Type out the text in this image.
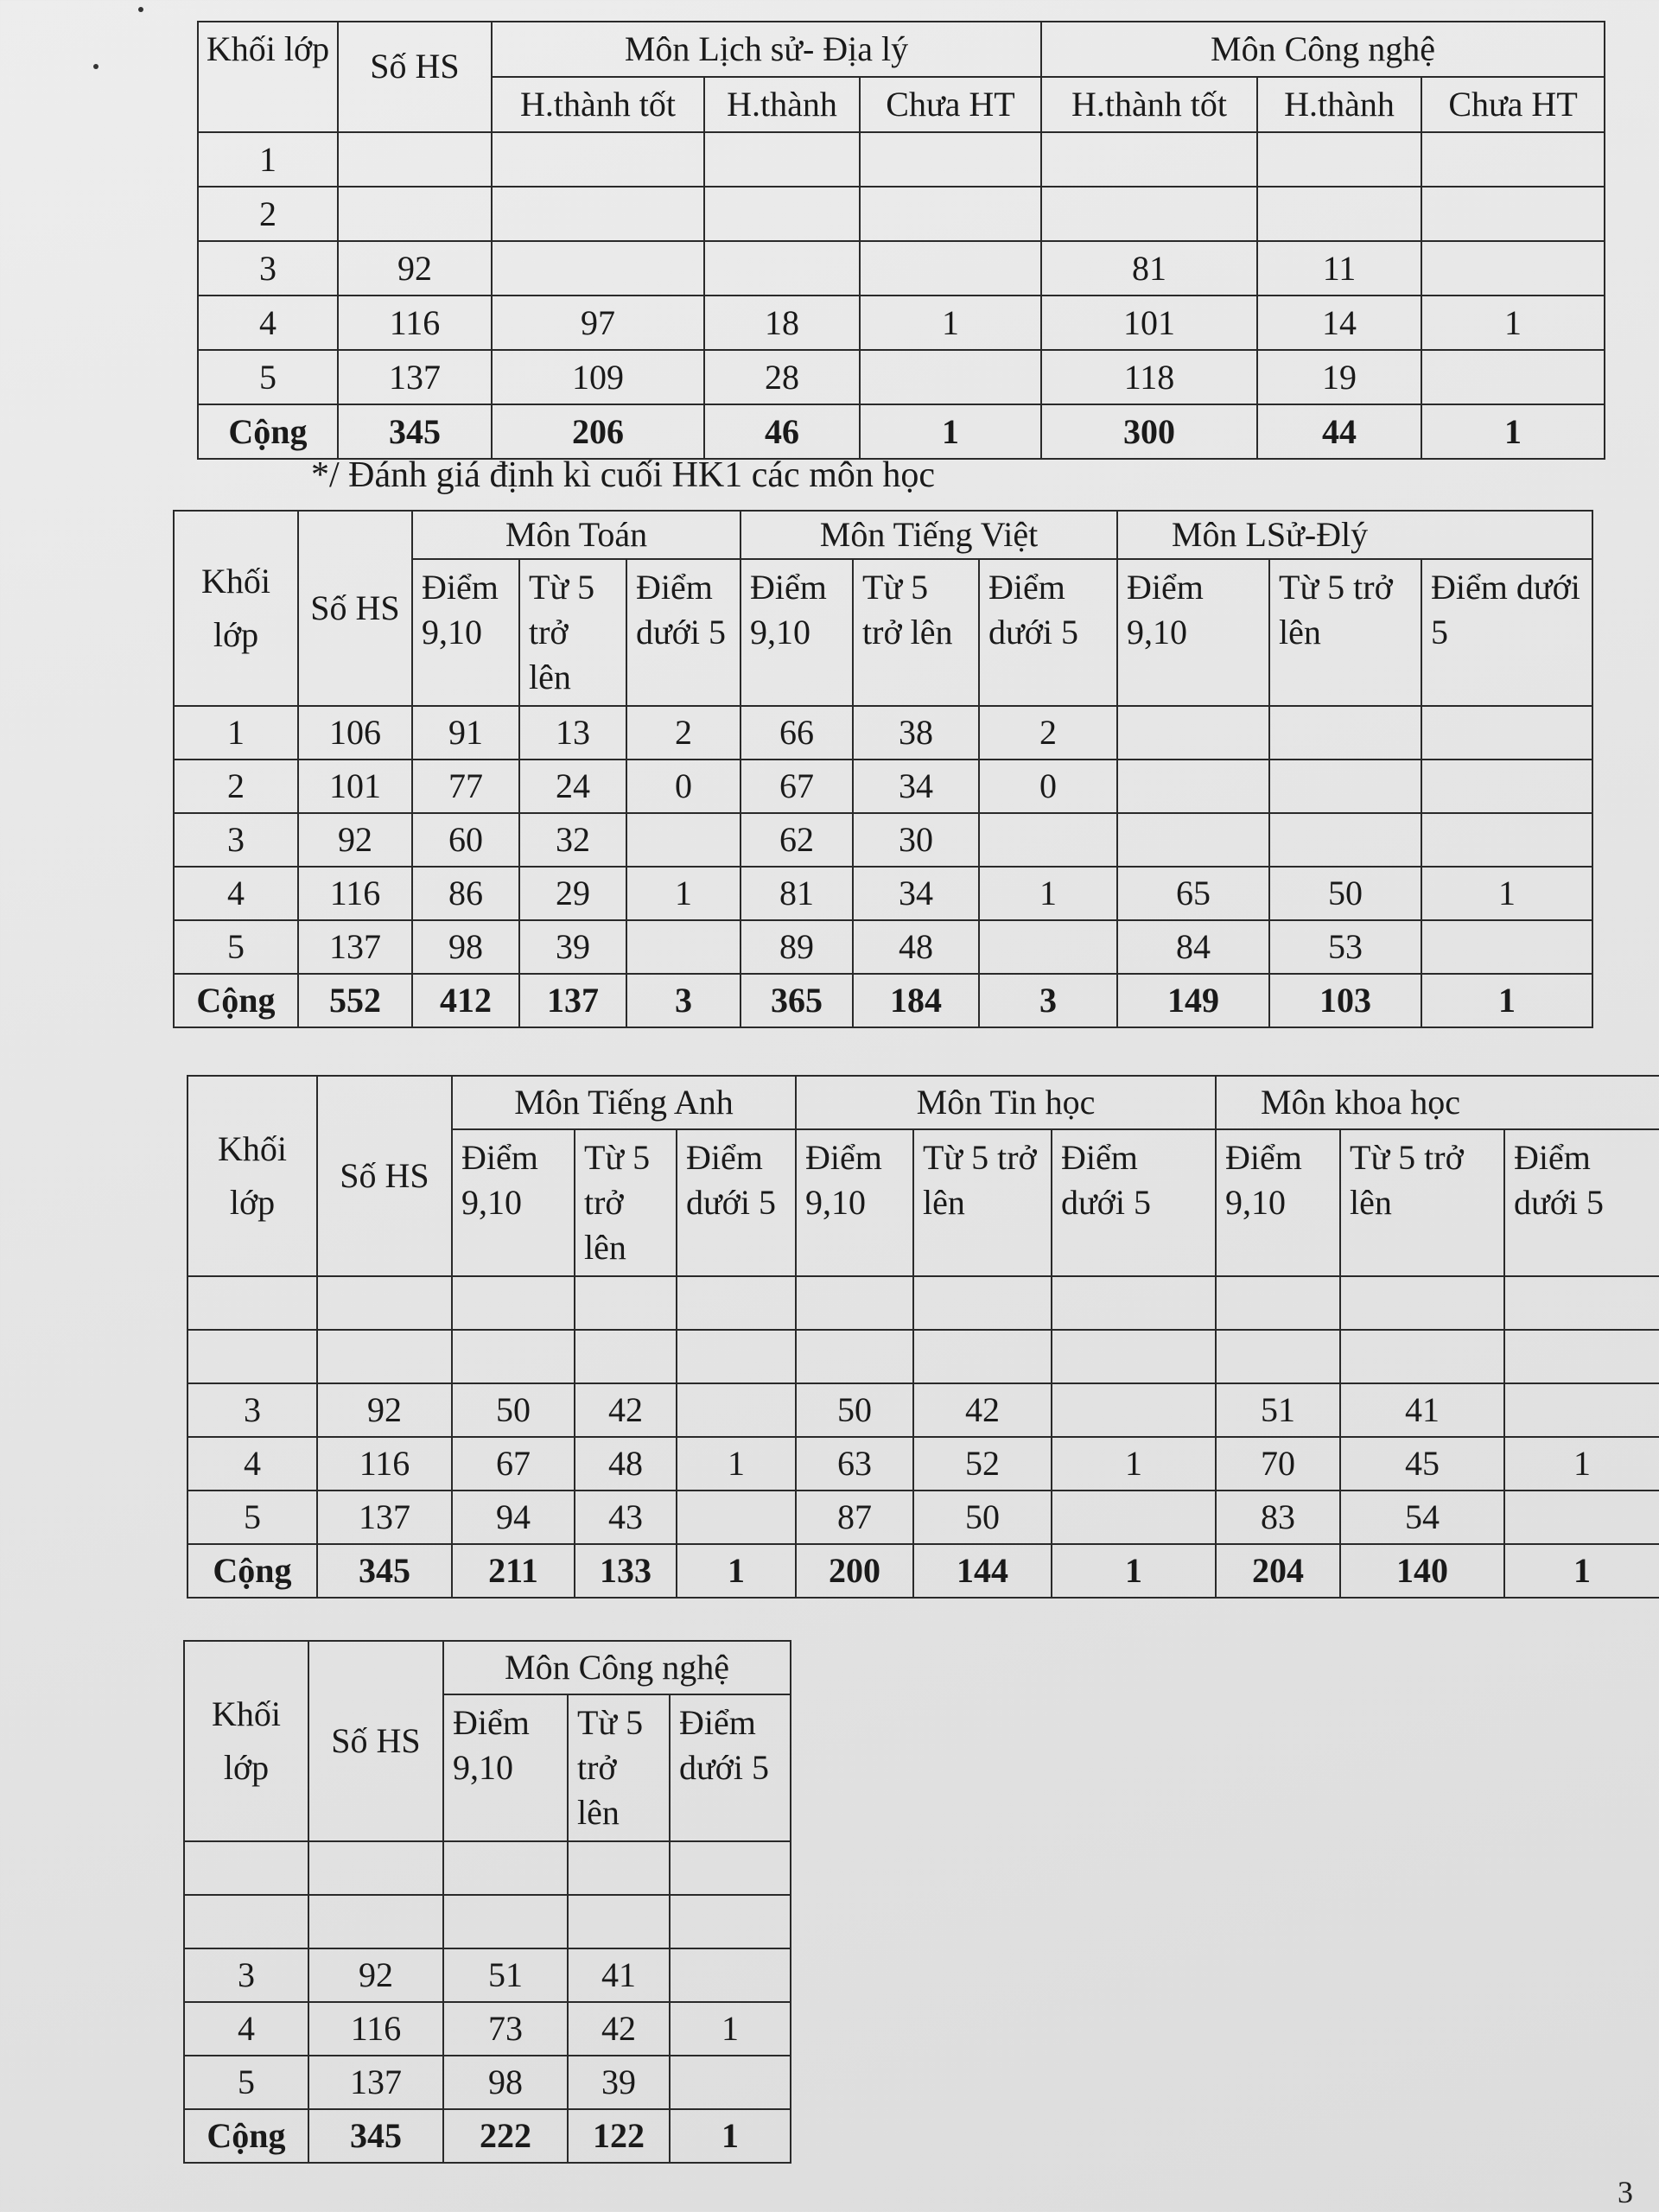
Khối lớp	Số HS	Môn Lịch sử- Địa lý			Môn Công nghệ		
		H.thành tốt	H.thành	Chưa HT	H.thành tốt	H.thành	Chưa HT
1							
2							
3	92				81	11	
4	116	97	18	1	101	14	1
5	137	109	28		118	19	
Cộng	345	206	46	1	300	44	1
*/ Đánh giá định kì cuối HK1 các môn học
Khối lớp	Số HS	Môn Toán			Môn Tiếng Việt			Môn LSử-Đlý		
		Điểm 9,10	Từ 5 trở lên	Điểm dưới 5	Điểm 9,10	Từ 5 trở lên	Điểm dưới 5	Điểm 9,10	Từ 5 trở lên	Điểm dưới 5
1	106	91	13	2	66	38	2			
2	101	77	24	0	67	34	0			
3	92	60	32		62	30				
4	116	86	29	1	81	34	1	65	50	1
5	137	98	39		89	48		84	53	
Cộng	552	412	137	3	365	184	3	149	103	1
Khối lớp	Số HS	Môn Tiếng Anh			Môn Tin học			Môn khoa học		
		Điểm 9,10	Từ 5 trở lên	Điểm dưới 5	Điểm 9,10	Từ 5 trở lên	Điểm dưới 5	Điểm 9,10	Từ 5 trở lên	Điểm dưới 5

3	92	50	42		50	42		51	41	
4	116	67	48	1	63	52	1	70	45	1
5	137	94	43		87	50		83	54	
Cộng	345	211	133	1	200	144	1	204	140	1
Khối lớp	Số HS	Môn Công nghệ		
		Điểm 9,10	Từ 5 trở lên	Điểm dưới 5

3	92	51	41	
4	116	73	42	1
5	137	98	39	
Cộng	345	222	122	1
3
